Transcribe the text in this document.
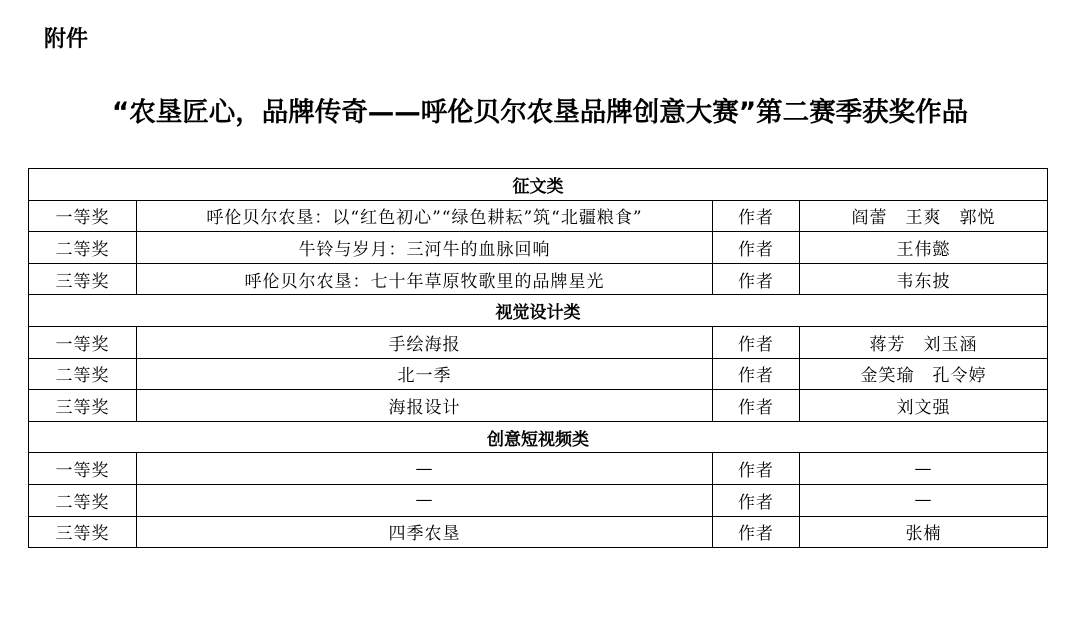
附件
“农垦匠心，品牌传奇——呼伦贝尔农垦品牌创意大赛”第二赛季获奖作品
征文类			
一等奖	呼伦贝尔农垦：以“红色初心”“绿色耕耘”筑“北疆粮食”	作者	阎蕾　王爽　郭悦
二等奖	牛铃与岁月：三河牛的血脉回响	作者	王伟懿
三等奖	呼伦贝尔农垦：七十年草原牧歌里的品牌星光	作者	韦东披
视觉设计类			
一等奖	手绘海报	作者	蒋芳　刘玉涵
二等奖	北一季	作者	金笑瑜　孔令婷
三等奖	海报设计	作者	刘文强
创意短视频类			
一等奖	—	作者	—
二等奖	—	作者	—
三等奖	四季农垦	作者	张楠
